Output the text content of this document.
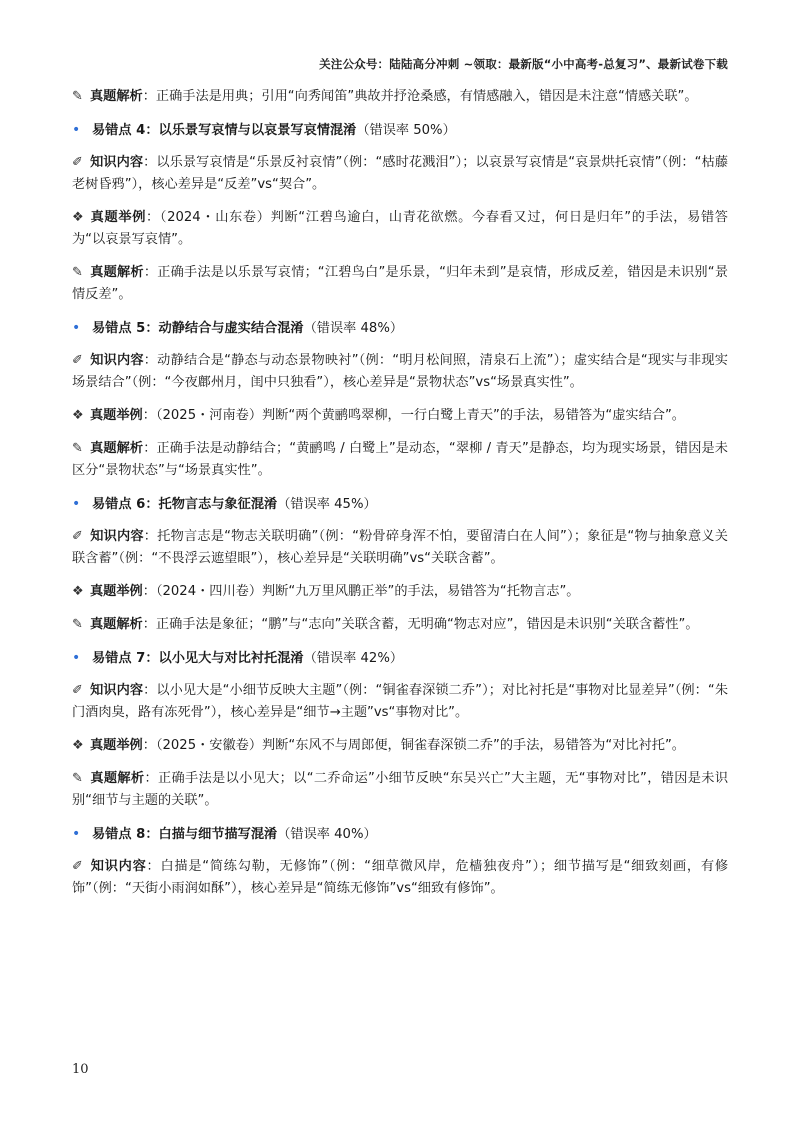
关注公众号：陆陆高分冲刺 ~领取：最新版“小中高考-总复习”、最新试卷下载
✎ 真题解析：正确手法是用典；引用“向秀闻笛”典故并抒沧桑感，有情感融入，错因是未注意“情感关联”。
• 易错点 4：以乐景写哀情与以哀景写哀情混淆（错误率 50%）
✐ 知识内容：以乐景写哀情是“乐景反衬哀情”（例：“感时花溅泪”）；以哀景写哀情是“哀景烘托哀情”（例：“枯藤老树昏鸦”），核心差异是“反差”vs“契合”。
❖ 真题举例：（2024・山东卷）判断“江碧鸟逾白，山青花欲燃。今春看又过，何日是归年”的手法，易错答为“以哀景写哀情”。
✎ 真题解析：正确手法是以乐景写哀情；“江碧鸟白”是乐景，“归年未到”是哀情，形成反差，错因是未识别“景情反差”。
• 易错点 5：动静结合与虚实结合混淆（错误率 48%）
✐ 知识内容：动静结合是“静态与动态景物映衬”（例：“明月松间照，清泉石上流”）；虚实结合是“现实与非现实场景结合”（例：“今夜鄜州月，闺中只独看”），核心差异是“景物状态”vs“场景真实性”。
❖ 真题举例：（2025・河南卷）判断“两个黄鹂鸣翠柳，一行白鹭上青天”的手法，易错答为“虚实结合”。
✎ 真题解析：正确手法是动静结合；“黄鹂鸣 / 白鹭上”是动态，“翠柳 / 青天”是静态，均为现实场景，错因是未区分“景物状态”与“场景真实性”。
• 易错点 6：托物言志与象征混淆（错误率 45%）
✐ 知识内容：托物言志是“物志关联明确”（例：“粉骨碎身浑不怕，要留清白在人间”）；象征是“物与抽象意义关联含蓄”（例：“不畏浮云遮望眼”），核心差异是“关联明确”vs“关联含蓄”。
❖ 真题举例：（2024・四川卷）判断“九万里风鹏正举”的手法，易错答为“托物言志”。
✎ 真题解析：正确手法是象征；“鹏”与“志向”关联含蓄，无明确“物志对应”，错因是未识别“关联含蓄性”。
• 易错点 7：以小见大与对比衬托混淆（错误率 42%）
✐ 知识内容：以小见大是“小细节反映大主题”（例：“铜雀春深锁二乔”）；对比衬托是“事物对比显差异”（例：“朱门酒肉臭，路有冻死骨”），核心差异是“细节→主题”vs“事物对比”。
❖ 真题举例：（2025・安徽卷）判断“东风不与周郎便，铜雀春深锁二乔”的手法，易错答为“对比衬托”。
✎ 真题解析：正确手法是以小见大；以“二乔命运”小细节反映“东吴兴亡”大主题，无“事物对比”，错因是未识别“细节与主题的关联”。
• 易错点 8：白描与细节描写混淆（错误率 40%）
✐ 知识内容：白描是“简练勾勒，无修饰”（例：“细草微风岸，危樯独夜舟”）；细节描写是“细致刻画，有修饰”（例：“天街小雨润如酥”），核心差异是“简练无修饰”vs“细致有修饰”。
10
